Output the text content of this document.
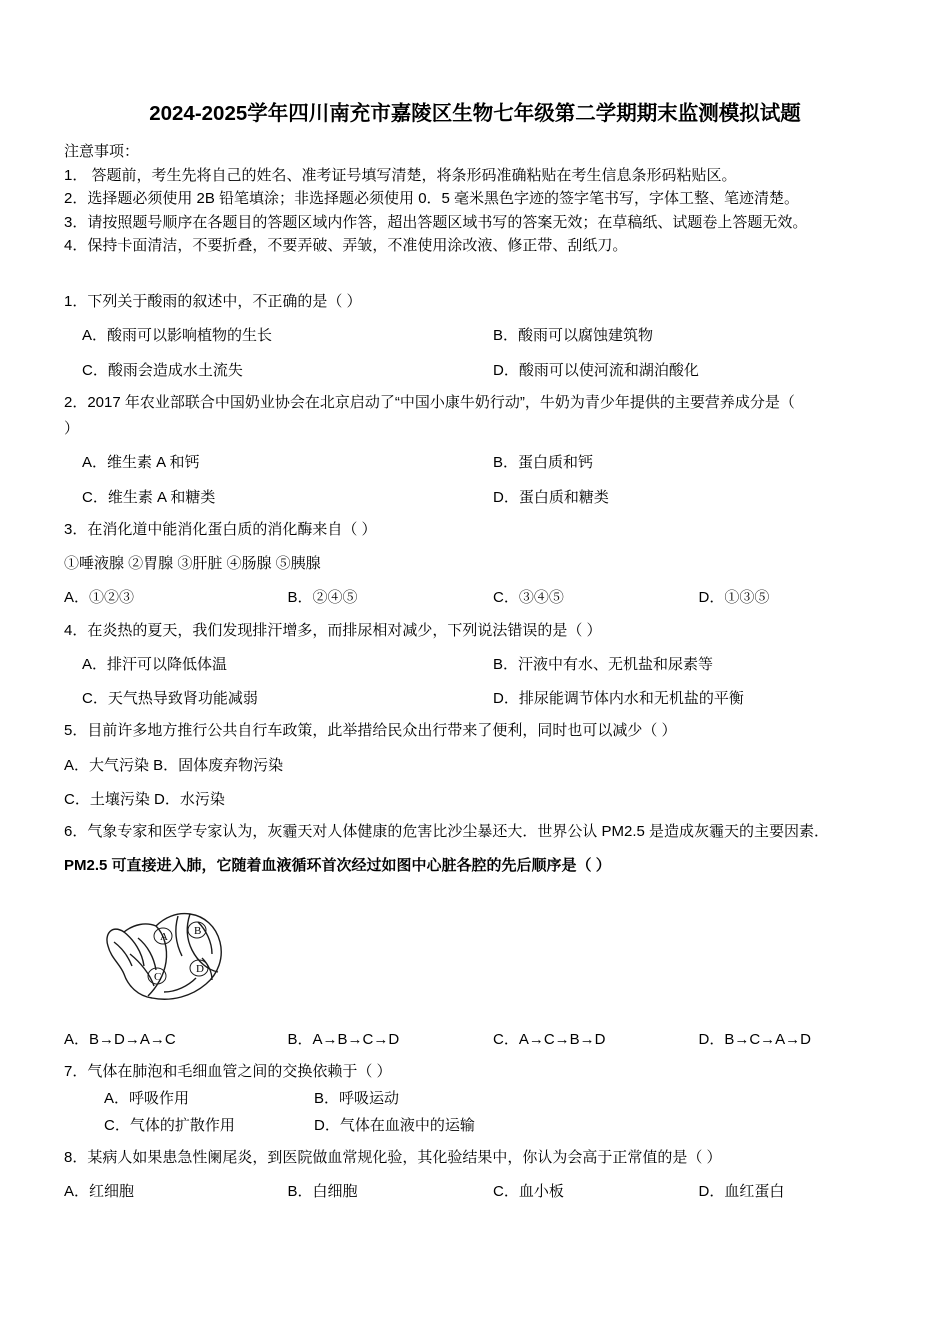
2024-2025学年四川南充市嘉陵区生物七年级第二学期期末监测模拟试题
注意事项：
1． 答题前，考生先将自己的姓名、准考证号填写清楚，将条形码准确粘贴在考生信息条形码粘贴区。
2．选择题必须使用 2B 铅笔填涂；非选择题必须使用 0．5 毫米黑色字迹的签字笔书写，字体工整、笔迹清楚。
3．请按照题号顺序在各题目的答题区域内作答，超出答题区域书写的答案无效；在草稿纸、试题卷上答题无效。
4．保持卡面清洁，不要折叠，不要弄破、弄皱，不准使用涂改液、修正带、刮纸刀。
1．下列关于酸雨的叙述中，不正确的是（ ）
A．酸雨可以影响植物的生长	B．酸雨可以腐蚀建筑物
C．酸雨会造成水土流失	D．酸雨可以使河流和湖泊酸化
2．2017 年农业部联合中国奶业协会在北京启动了“中国小康牛奶行动”，牛奶为青少年提供的主要营养成分是（
）
A．维生素 A 和钙	B．蛋白质和钙
C．维生素 A 和糖类	D．蛋白质和糖类
3．在消化道中能消化蛋白质的消化酶来自（ ）
①唾液腺 ②胃腺 ③肝脏 ④肠腺 ⑤胰腺
A．①②③	B．②④⑤	C．③④⑤	D．①③⑤
4．在炎热的夏天，我们发现排汗增多，而排尿相对减少，下列说法错误的是（ ）
A．排汗可以降低体温	B．汗液中有水、无机盐和尿素等
C．天气热导致肾功能减弱	D．排尿能调节体内水和无机盐的平衡
5．目前许多地方推行公共自行车政策，此举措给民众出行带来了便利，同时也可以减少（ ）
A．大气污染 B．固体废弃物污染
C．土壤污染 D．水污染
6．气象专家和医学专家认为，灰霾天对人体健康的危害比沙尘暴还大．世界公认 PM2.5 是造成灰霾天的主要因素．
PM2.5 可直接进入肺，它随着血液循环首次经过如图中心脏各腔的先后顺序是（ ）
A B
C
D
A．B→D→A→C	B．A→B→C→D	C．A→C→B→D	D．B→C→A→D
7．气体在肺泡和毛细血管之间的交换依赖于（ ）
A．呼吸作用	B．呼吸运动
C．气体的扩散作用	D．气体在血液中的运输
8．某病人如果患急性阑尾炎，到医院做血常规化验，其化验结果中，你认为会高于正常值的是（ ）
A．红细胞	B．白细胞	C．血小板	D．血红蛋白
